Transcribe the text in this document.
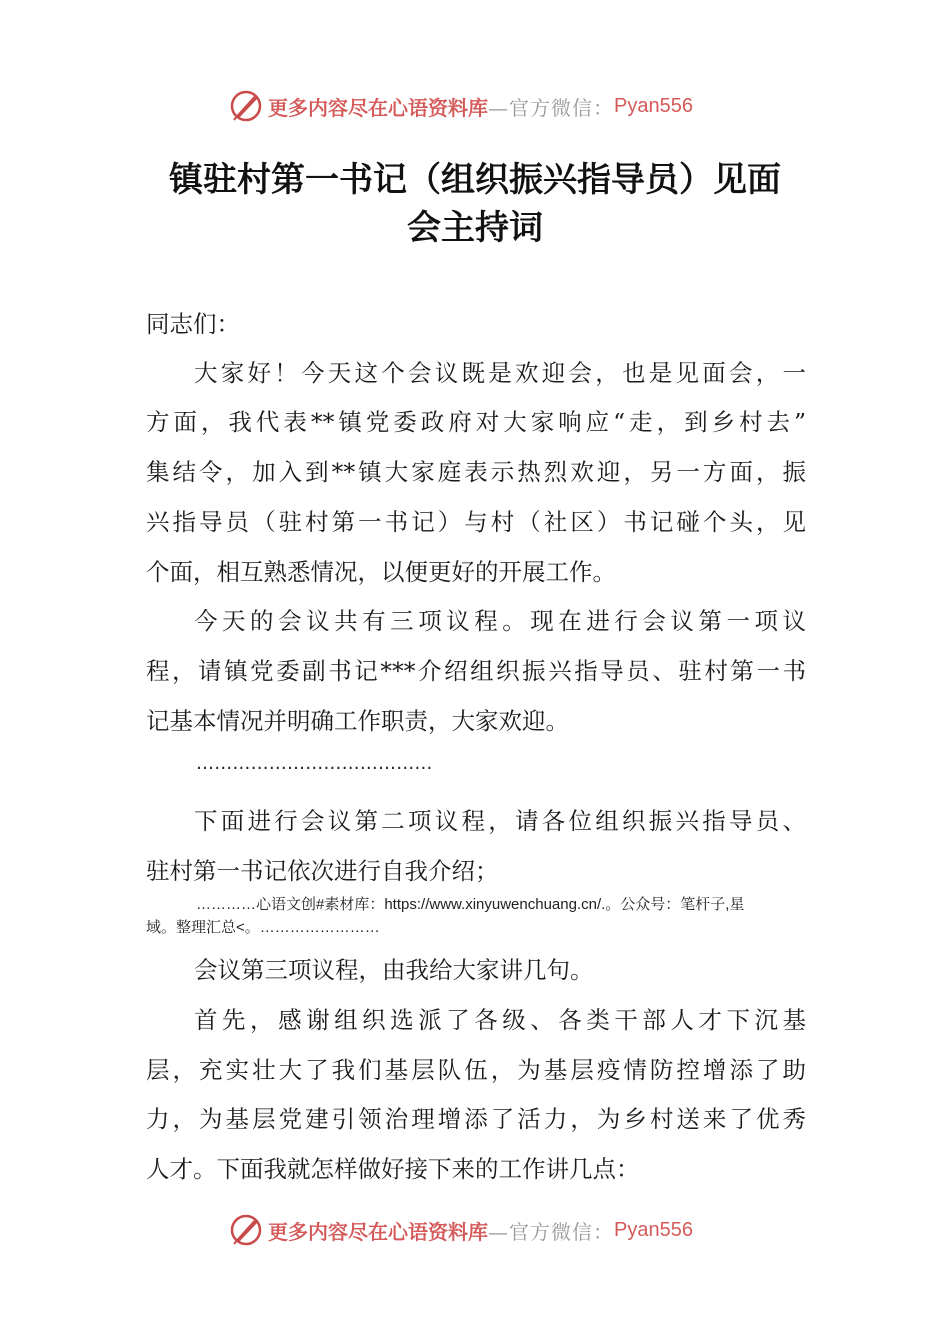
更多内容尽在心语资料库 —官方微信： Pyan556
镇驻村第一书记（组织振兴指导员）见面
会主持词
同志们：
大家好！今天这个会议既是欢迎会，也是见面会，一
方面，我代表**镇党委政府对大家响应“走，到乡村去”
集结令，加入到**镇大家庭表示热烈欢迎，另一方面，振
兴指导员（驻村第一书记）与村（社区）书记碰个头，见
个面，相互熟悉情况，以便更好的开展工作。
今天的会议共有三项议程。现在进行会议第一项议
程，请镇党委副书记***介绍组织振兴指导员、驻村第一书
记基本情况并明确工作职责，大家欢迎。
…………………………………
下面进行会议第二项议程，请各位组织振兴指导员、
驻村第一书记依次进行自我介绍；
…………心语文创#素材库：https://www.xinyuwenchuang.cn/.。公众号：笔杆子,星
域。整理汇总<。……………………
会议第三项议程，由我给大家讲几句。
首先，感谢组织选派了各级、各类干部人才下沉基
层，充实壮大了我们基层队伍，为基层疫情防控增添了助
力，为基层党建引领治理增添了活力，为乡村送来了优秀
人才。下面我就怎样做好接下来的工作讲几点：
更多内容尽在心语资料库 —官方微信： Pyan556
